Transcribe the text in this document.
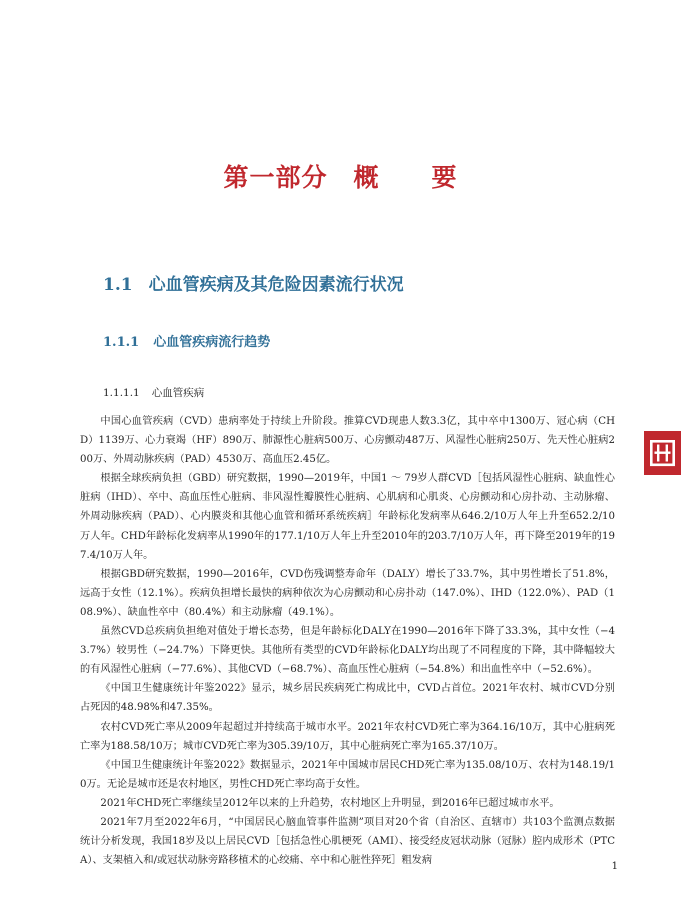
第一部分　概　　要
1.1 心血管疾病及其危险因素流行状况
1.1.1 心血管疾病流行趋势
1.1.1.1 心血管疾病

中国心血管疾病（CVD）患病率处于持续上升阶段。推算CVD现患人数3.3亿，其中卒中1300万、冠心病（CHD）1139万、心力衰竭（HF）890万、肺源性心脏病500万、心房颤动487万、风湿性心脏病250万、先天性心脏病200万、外周动脉疾病（PAD）4530万、高血压2.45亿。

根据全球疾病负担（GBD）研究数据，1990—2019年，中国1 ～ 79岁人群CVD［包括风湿性心脏病、缺血性心脏病（IHD）、卒中、高血压性心脏病、非风湿性瓣膜性心脏病、心肌病和心肌炎、心房颤动和心房扑动、主动脉瘤、外周动脉疾病（PAD）、心内膜炎和其他心血管和循环系统疾病］年龄标化发病率从646.2/10万人年上升至652.2/10万人年。CHD年龄标化发病率从1990年的177.1/10万人年上升至2010年的203.7/10万人年，再下降至2019年的197.4/10万人年。

根据GBD研究数据，1990—2016年，CVD伤残调整寿命年（DALY）增长了33.7%，其中男性增长了51.8%，远高于女性（12.1%）。疾病负担增长最快的病种依次为心房颤动和心房扑动（147.0%）、IHD（122.0%）、PAD（108.9%）、缺血性卒中（80.4%）和主动脉瘤（49.1%）。

虽然CVD总疾病负担绝对值处于增长态势，但是年龄标化DALY在1990—2016年下降了33.3%，其中女性（−43.7%）较男性（−24.7%）下降更快。其他所有类型的CVD年龄标化DALY均出现了不同程度的下降，其中降幅较大的有风湿性心脏病（−77.6%）、其他CVD（−68.7%）、高血压性心脏病（−54.8%）和出血性卒中（−52.6%）。

《中国卫生健康统计年鉴2022》显示，城乡居民疾病死亡构成比中，CVD占首位。2021年农村、城市CVD分别占死因的48.98%和47.35%。

农村CVD死亡率从2009年起超过并持续高于城市水平。2021年农村CVD死亡率为364.16/10万，其中心脏病死亡率为188.58/10万；城市CVD死亡率为305.39/10万，其中心脏病死亡率为165.37/10万。

《中国卫生健康统计年鉴2022》数据显示，2021年中国城市居民CHD死亡率为135.08/10万、农村为148.19/10万。无论是城市还是农村地区，男性CHD死亡率均高于女性。

2021年CHD死亡率继续呈2012年以来的上升趋势，农村地区上升明显，到2016年已超过城市水平。

2021年7月至2022年6月，“中国居民心脑血管事件监测”项目对20个省（自治区、直辖市）共103个监测点数据统计分析发现，我国18岁及以上居民CVD［包括急性心肌梗死（AMI）、接受经皮冠状动脉（冠脉）腔内成形术（PTCA）、支架植入和/或冠状动脉旁路移植术的心绞痛、卒中和心脏性猝死］粗发病

1
